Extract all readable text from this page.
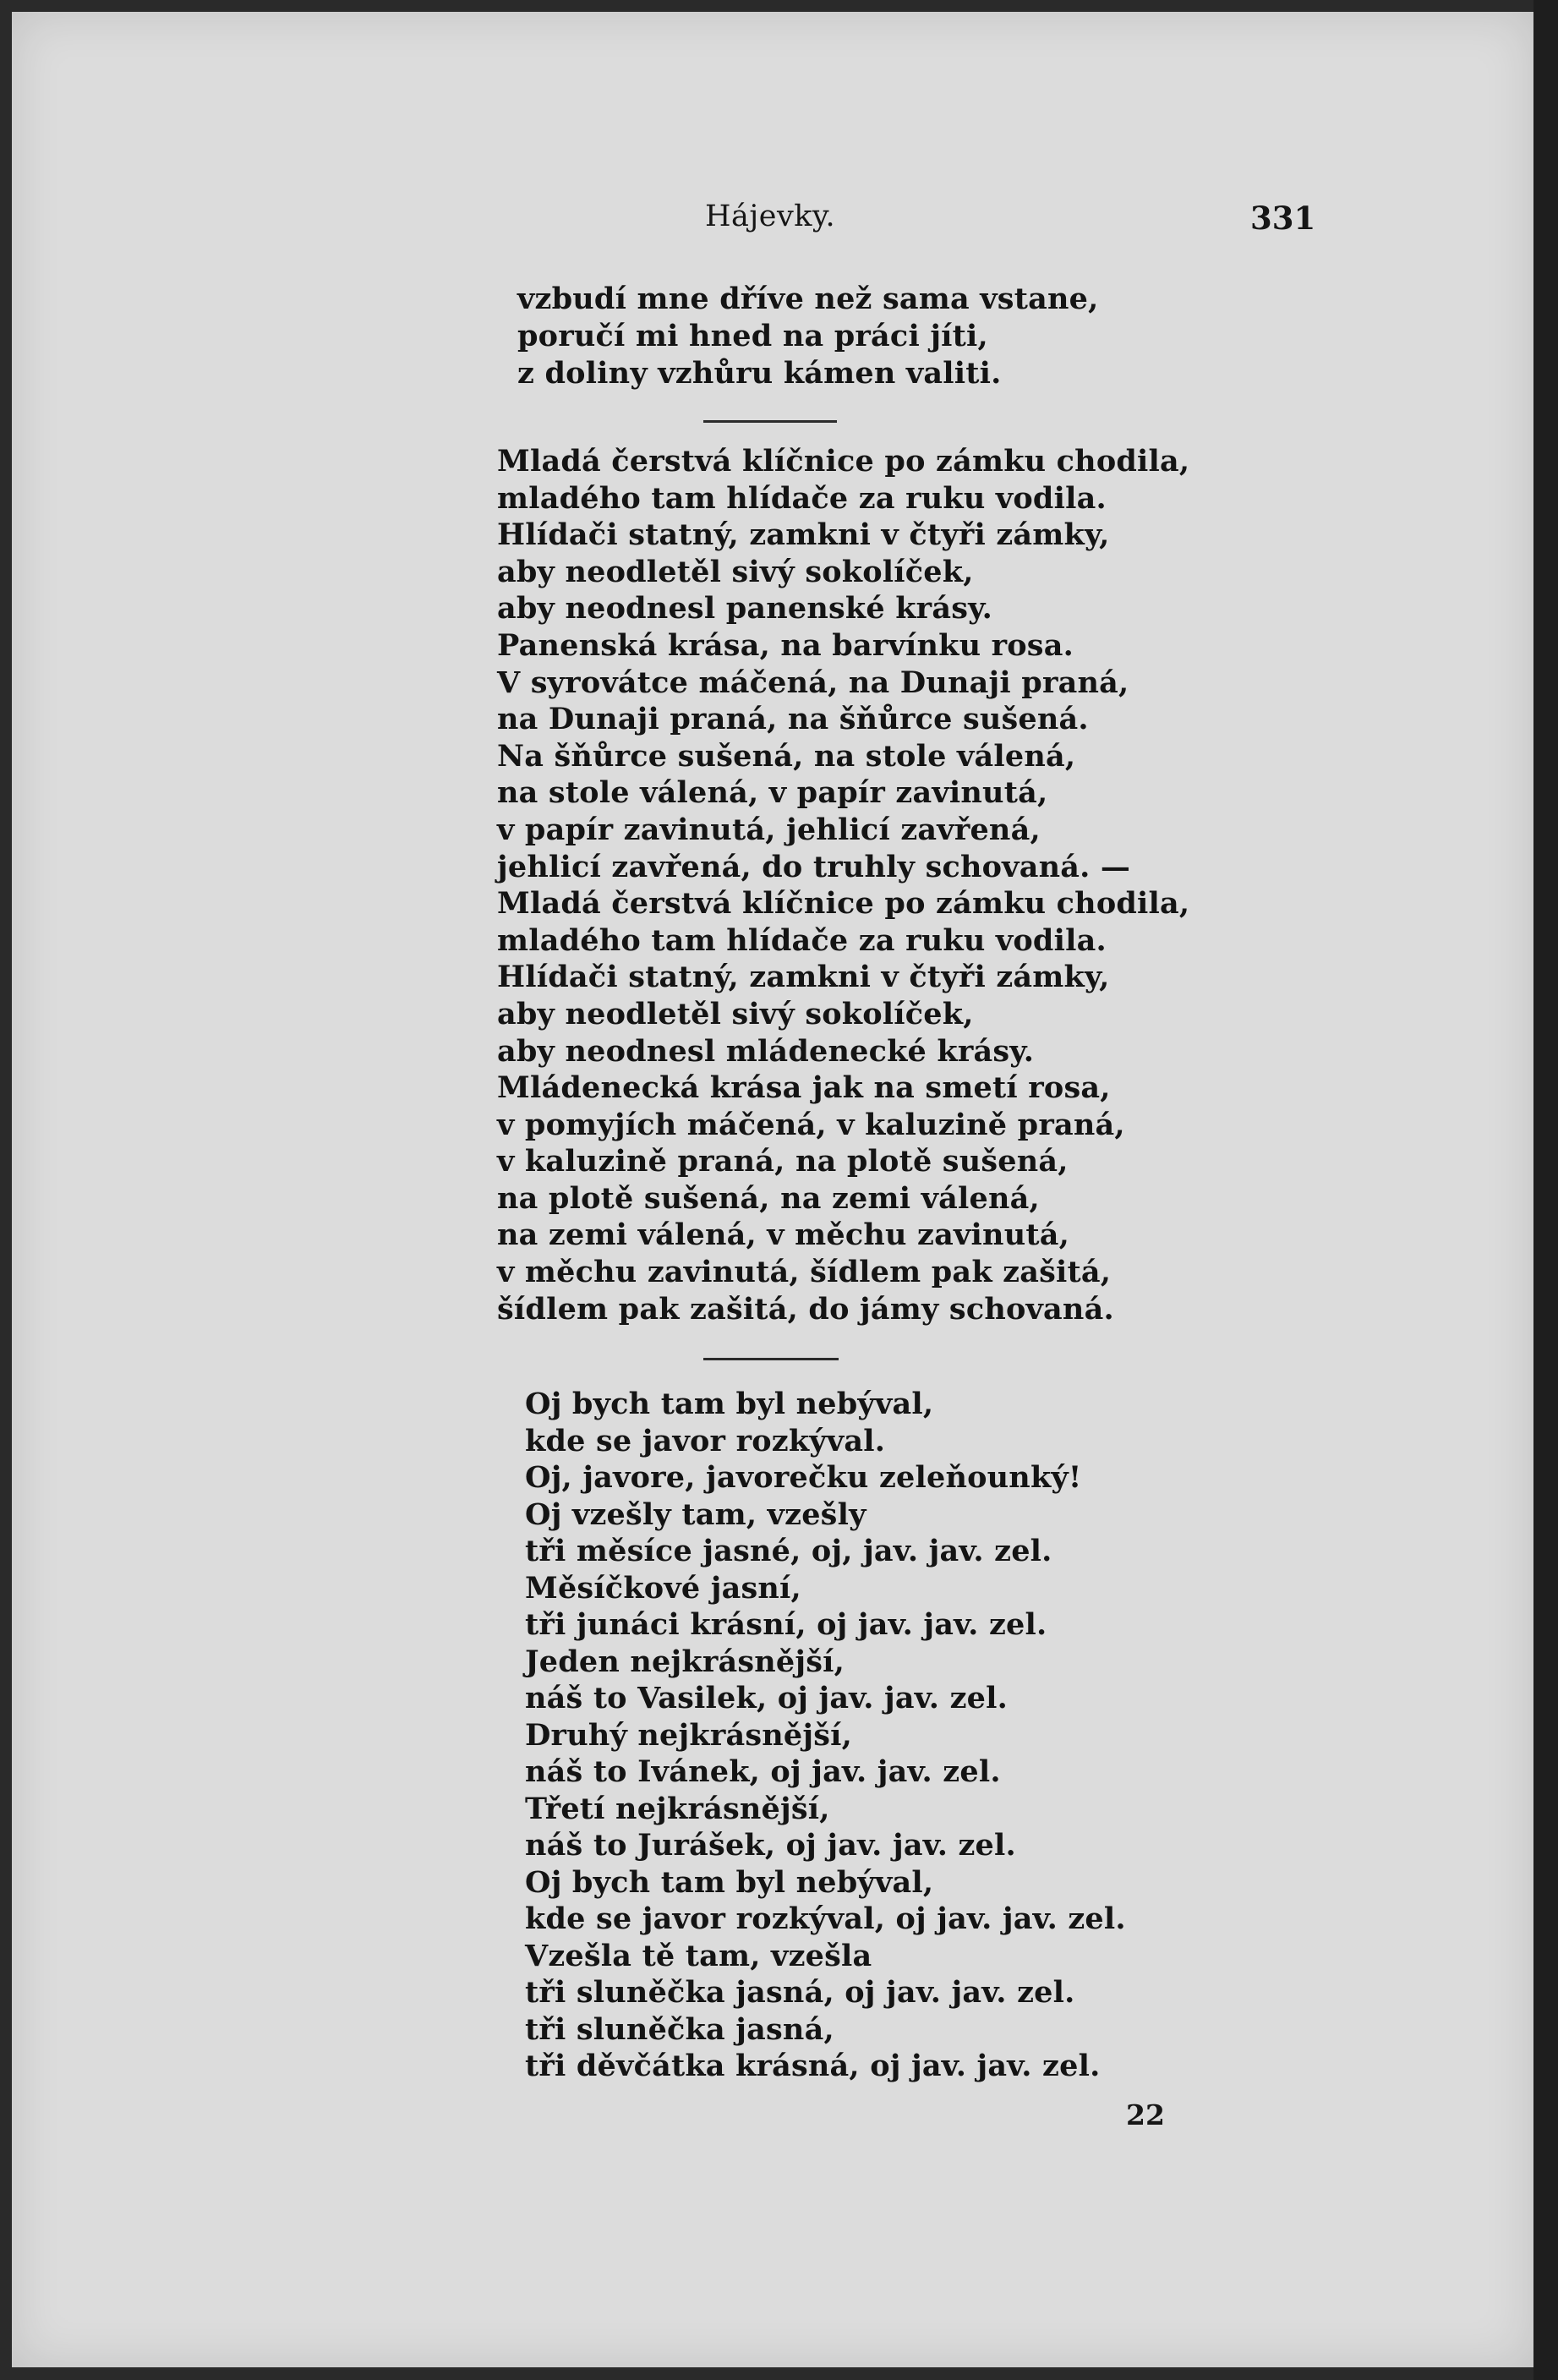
Hájevky.	331
vzbudí mne dříve než sama vstane,
poručí mi hned na práci jíti,
z doliny vzhůru kámen valiti.
Mladá čerstvá klíčnice po zámku chodila,
mladého tam hlídače za ruku vodila.
Hlídači statný, zamkni v čtyři zámky,
aby neodletěl sivý sokolíček,
aby neodnesl panenské krásy.
Panenská krása, na barvínku rosa.
V syrovátce máčená, na Dunaji praná,
na Dunaji praná, na šňůrce sušená.
Na šňůrce sušená, na stole válená,
na stole válená, v papír zavinutá,
v papír zavinutá, jehlicí zavřená,
jehlicí zavřená, do truhly schovaná. —
Mladá čerstvá klíčnice po zámku chodila,
mladého tam hlídače za ruku vodila.
Hlídači statný, zamkni v čtyři zámky,
aby neodletěl sivý sokolíček,
aby neodnesl mládenecké krásy.
Mládenecká krása jak na smetí rosa,
v pomyjích máčená, v kaluzině praná,
v kaluzině praná, na plotě sušená,
na plotě sušená, na zemi válená,
na zemi válená, v měchu zavinutá,
v měchu zavinutá, šídlem pak zašitá,
šídlem pak zašitá, do jámy schovaná.
Oj bych tam byl nebýval,
kde se javor rozkýval.
Oj, javore, javorečku zeleňounký!
Oj vzešly tam, vzešly
tři měsíce jasné, oj, jav. jav. zel.
Měsíčkové jasní,
tři junáci krásní, oj jav. jav. zel.
Jeden nejkrásnější,
náš to Vasilek, oj jav. jav. zel.
Druhý nejkrásnější,
náš to Ivánek, oj jav. jav. zel.
Třetí nejkrásnější,
náš to Jurášek, oj jav. jav. zel.
Oj bych tam byl nebýval,
kde se javor rozkýval, oj jav. jav. zel.
Vzešla tě tam, vzešla
tři sluněčka jasná, oj jav. jav. zel.
tři sluněčka jasná,
tři děvčátka krásná, oj jav. jav. zel.
22
